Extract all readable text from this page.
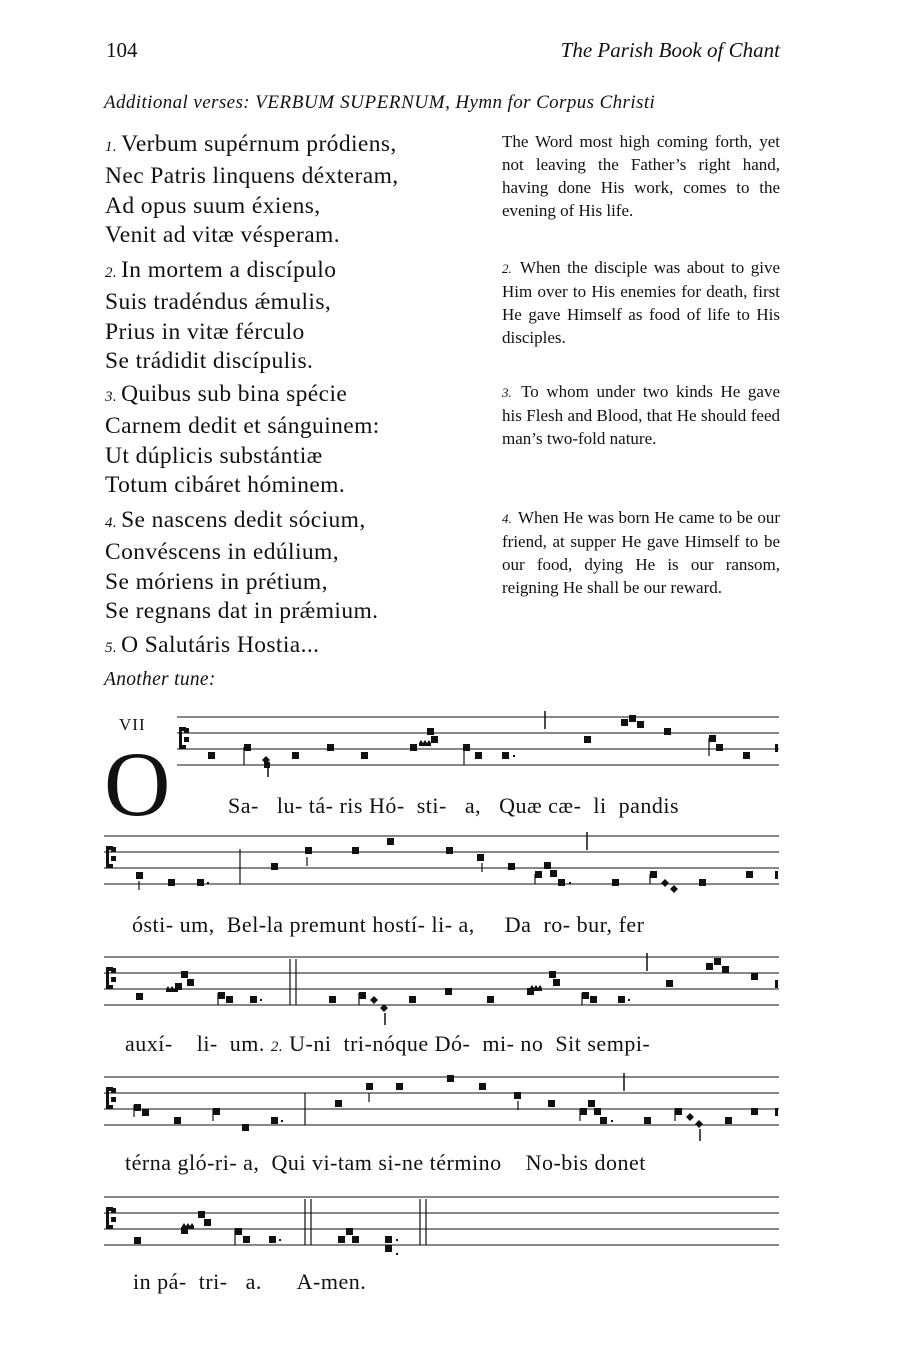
104	The Parish Book of Chant
Additional verses: VERBUM SUPERNUM, Hymn for Corpus Christi
1. Verbum supérnum pródiens,
Nec Patris linquens déxteram,
Ad opus suum éxiens,
Venit ad vitæ vésperam.
The Word most high coming forth, yet not leaving the Father’s right hand, having done His work, comes to the evening of His life.
2. In mortem a discípulo
Suis tradéndus ǽmulis,
Prius in vitæ férculo
Se trádidit discípulis.
2. When the disciple was about to give Him over to His enemies for death, first He gave Himself as food of life to His disciples.
3. Quibus sub bina spécie
Carnem dedit et sánguinem:
Ut dúplicis substántiæ
Totum cibáret hóminem.
3. To whom under two kinds He gave his Flesh and Blood, that He should feed man’s two-fold nature.
4. Se nascens dedit sócium,
Convéscens in edúlium,
Se móriens in prétium,
Se regnans dat in prǽmium.
4. When He was born He came to be our friend, at supper He gave Himself to be our food, dying He is our ransom, reigning He shall be our reward.
5. O Salutáris Hostia...
Another tune:
VII
O	Sa- lu- tá- ris Hó- sti- a, Quæ cæ- li pandis
ósti- um, Bel-la premunt hostí- li- a, Da ro- bur, fer
auxí- li- um. 2. U-ni tri-nóque Dó- mi- no Sit sempi-
térna gló-ri- a, Qui vi-tam si-ne término No-bis donet
in pá- tri- a. A-men.
